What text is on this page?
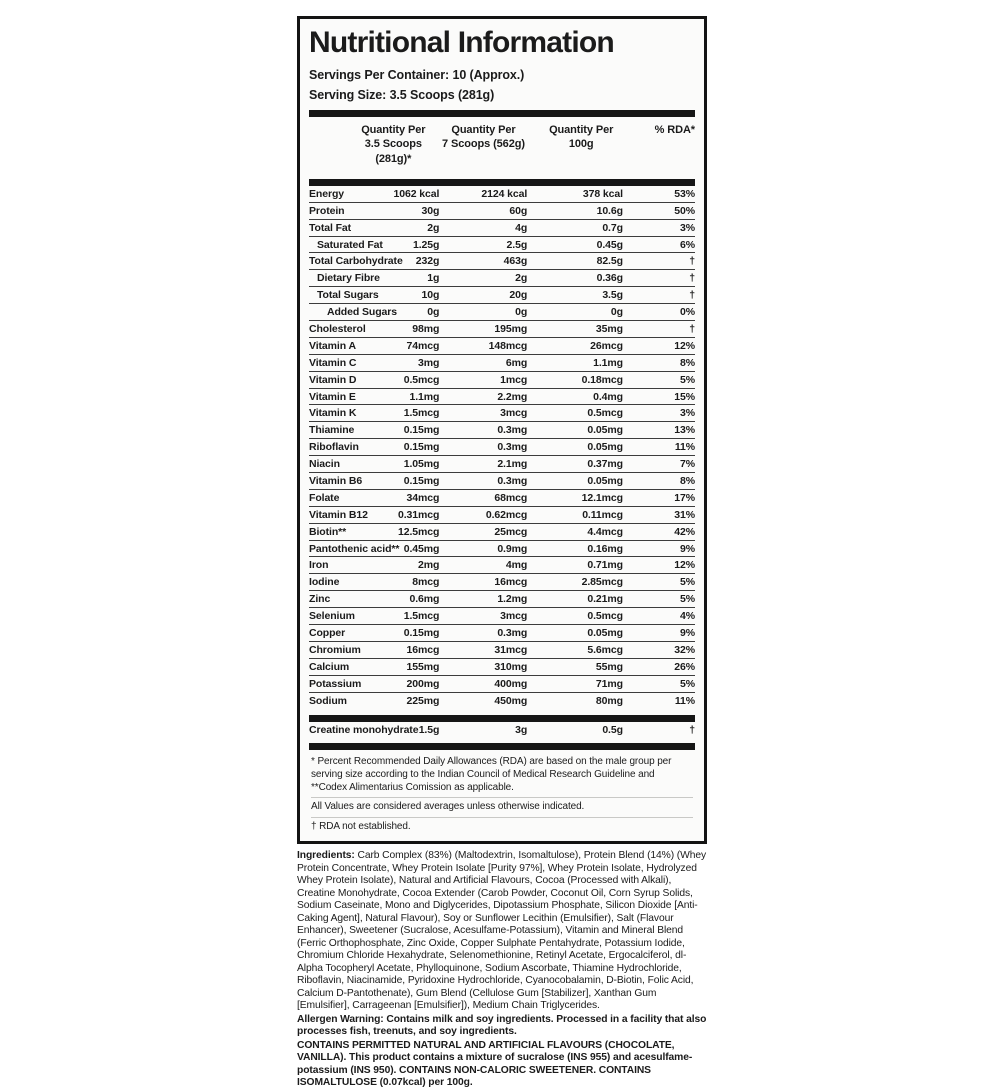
Nutritional Information
Servings Per Container: 10 (Approx.)
Serving Size: 3.5 Scoops (281g)
Quantity Per
3.5 Scoops (281g)*
Quantity Per
7 Scoops (562g)
Quantity Per
100g
% RDA*
Energy	1062 kcal	2124 kcal	378 kcal	53%
Protein	30g	60g	10.6g	50%
Total Fat	2g	4g	0.7g	3%
Saturated Fat	1.25g	2.5g	0.45g	6%
Total Carbohydrate	232g	463g	82.5g	†
Dietary Fibre	1g	2g	0.36g	†
Total Sugars	10g	20g	3.5g	†
Added Sugars	0g	0g	0g	0%
Cholesterol	98mg	195mg	35mg	†
Vitamin A	74mcg	148mcg	26mcg	12%
Vitamin C	3mg	6mg	1.1mg	8%
Vitamin D	0.5mcg	1mcg	0.18mcg	5%
Vitamin E	1.1mg	2.2mg	0.4mg	15%
Vitamin K	1.5mcg	3mcg	0.5mcg	3%
Thiamine	0.15mg	0.3mg	0.05mg	13%
Riboflavin	0.15mg	0.3mg	0.05mg	11%
Niacin	1.05mg	2.1mg	0.37mg	7%
Vitamin B6	0.15mg	0.3mg	0.05mg	8%
Folate	34mcg	68mcg	12.1mcg	17%
Vitamin B12	0.31mcg	0.62mcg	0.11mcg	31%
Biotin**	12.5mcg	25mcg	4.4mcg	42%
Pantothenic acid** 0.45mg	0.9mg	0.16mg	9%
Iron	2mg	4mg	0.71mg	12%
Iodine	8mcg	16mcg	2.85mcg	5%
Zinc	0.6mg	1.2mg	0.21mg	5%
Selenium	1.5mcg	3mcg	0.5mcg	4%
Copper	0.15mg	0.3mg	0.05mg	9%
Chromium	16mcg	31mcg	5.6mcg	32%
Calcium	155mg	310mg	55mg	26%
Potassium	200mg	400mg	71mg	5%
Sodium	225mg	450mg	80mg	11%
Creatine monohydrate 1.5g	3g	0.5g	†
* Percent Recommended Daily Allowances (RDA) are based on the male group per serving size according to the Indian Council of Medical Research Guideline and **Codex Alimentarius Comission as applicable.
All Values are considered averages unless otherwise indicated.
† RDA not established.

Ingredients: Carb Complex (83%) (Maltodextrin, Isomaltulose), Protein Blend (14%) (Whey Protein Concentrate, Whey Protein Isolate [Purity 97%], Whey Protein Isolate, Hydrolyzed Whey Protein Isolate), Natural and Artificial Flavours, Cocoa (Processed with Alkali), Creatine Monohydrate, Cocoa Extender (Carob Powder, Coconut Oil, Corn Syrup Solids, Sodium Caseinate, Mono and Diglycerides, Dipotassium Phosphate, Silicon Dioxide [Anti-Caking Agent], Natural Flavour), Soy or Sunflower Lecithin (Emulsifier), Salt (Flavour Enhancer), Sweetener (Sucralose, Acesulfame-Potassium), Vitamin and Mineral Blend (Ferric Orthophosphate, Zinc Oxide, Copper Sulphate Pentahydrate, Potassium Iodide, Chromium Chloride Hexahydrate, Selenomethionine, Retinyl Acetate, Ergocalciferol, dl-Alpha Tocopheryl Acetate, Phylloquinone, Sodium Ascorbate, Thiamine Hydrochloride, Riboflavin, Niacinamide, Pyridoxine Hydrochloride, Cyanocobalamin, D-Biotin, Folic Acid, Calcium D-Pantothenate), Gum Blend (Cellulose Gum [Stabilizer], Xanthan Gum [Emulsifier], Carrageenan [Emulsifier]), Medium Chain Triglycerides.

Allergen Warning: Contains milk and soy ingredients. Processed in a facility that also processes fish, treenuts, and soy ingredients.

CONTAINS PERMITTED NATURAL AND ARTIFICIAL FLAVOURS (CHOCOLATE, VANILLA). This product contains a mixture of sucralose (INS 955) and acesulfame-potassium (INS 950). CONTAINS NON-CALORIC SWEETENER. CONTAINS ISOMALTULOSE (0.07kcal) per 100g.
